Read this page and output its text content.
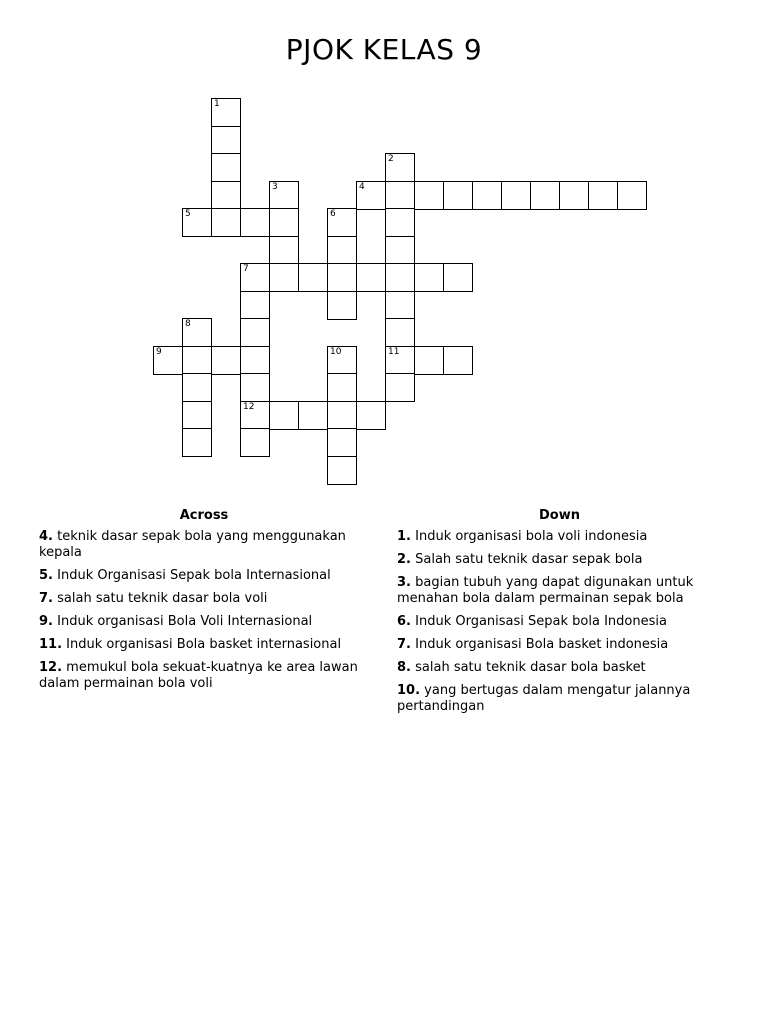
PJOK KELAS 9
1
2
11
3	4
5	6
7
12
8
9	10
Across
4. teknik dasar sepak bola yang menggunakan kepala
5. Induk Organisasi Sepak bola Internasional
7. salah satu teknik dasar bola voli
9. Induk organisasi Bola Voli Internasional
11. Induk organisasi Bola basket internasional
12. memukul bola sekuat-kuatnya ke area lawan dalam permainan bola voli
Down
1. Induk organisasi bola voli indonesia
2. Salah satu teknik dasar sepak bola
3. bagian tubuh yang dapat digunakan untuk menahan bola dalam permainan sepak bola
6. Induk Organisasi Sepak bola Indonesia
7. Induk organisasi Bola basket indonesia
8. salah satu teknik dasar bola basket
10. yang bertugas dalam mengatur jalannya pertandingan
